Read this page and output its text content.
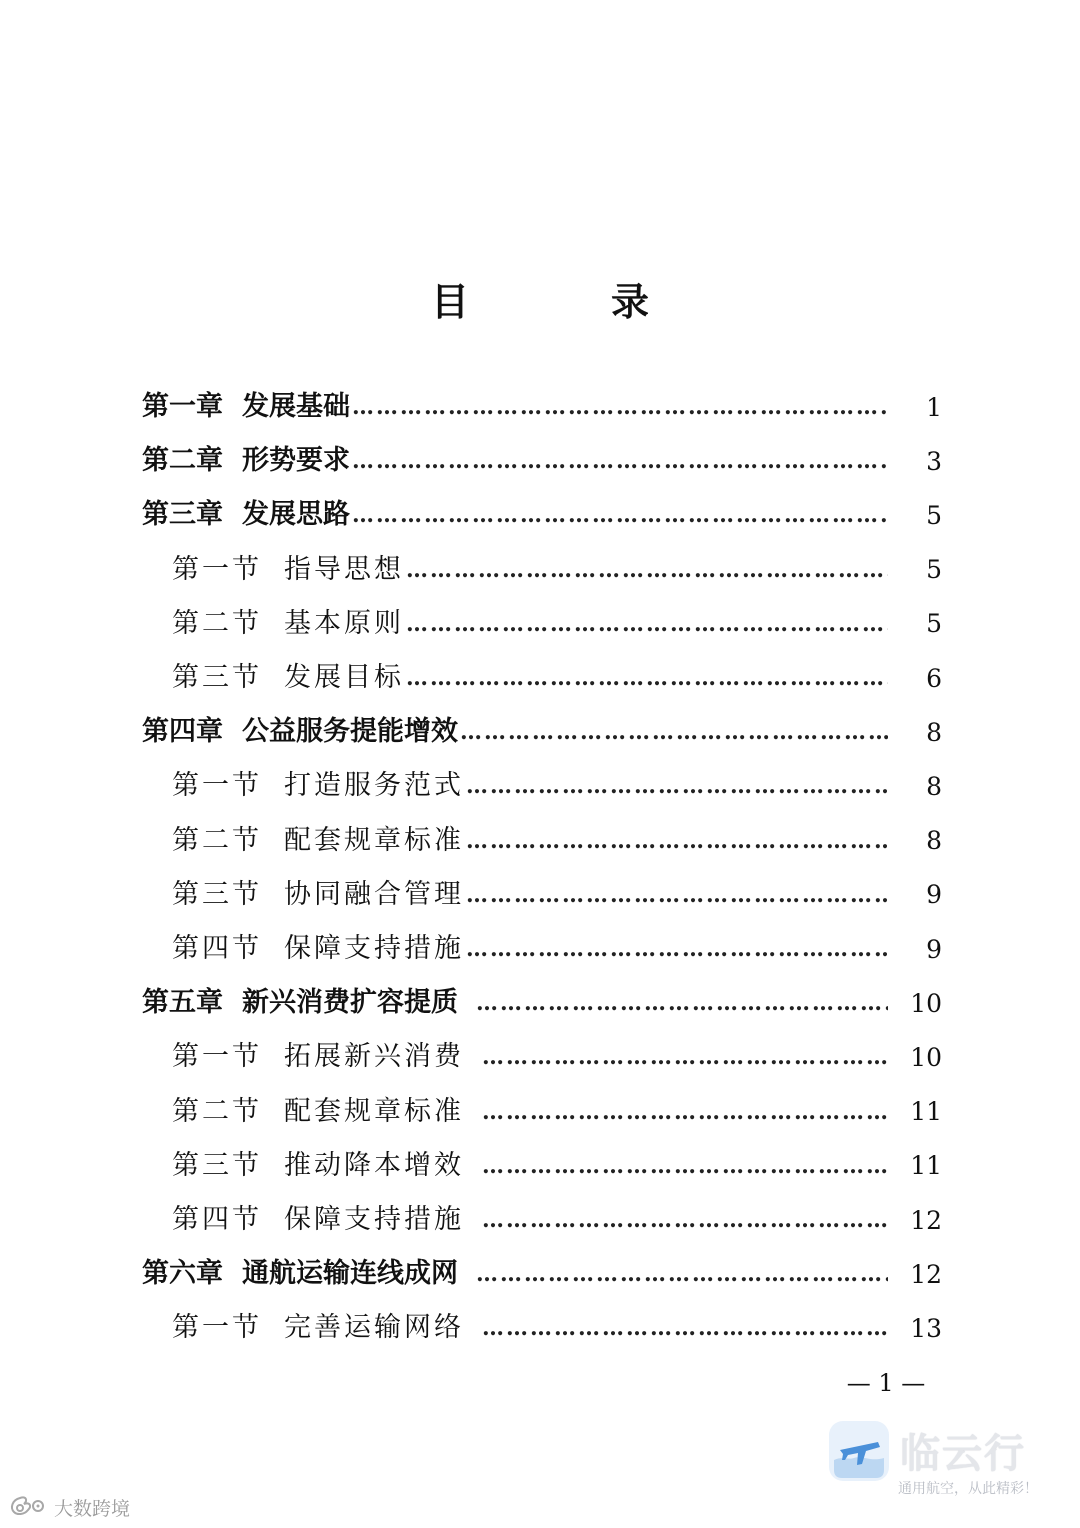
目　录
第一章 发展基础 ……………………………………………………………………………………………………………………………………………………………………	1
第二章 形势要求 ……………………………………………………………………………………………………………………………………………………………………	3
第三章 发展思路 ……………………………………………………………………………………………………………………………………………………………………	5
第一节 指导思想 ……………………………………………………………………………………………………………………………………………………………………	5
第二节 基本原则 ……………………………………………………………………………………………………………………………………………………………………	5
第三节 发展目标 ……………………………………………………………………………………………………………………………………………………………………	6
第四章 公益服务提能增效 ……………………………………………………………………………………………………………………………………………………………………	8
第一节 打造服务范式 ……………………………………………………………………………………………………………………………………………………………………	8
第二节 配套规章标准 ……………………………………………………………………………………………………………………………………………………………………	8
第三节 协同融合管理 ……………………………………………………………………………………………………………………………………………………………………	9
第四节 保障支持措施 ……………………………………………………………………………………………………………………………………………………………………	9
第五章 新兴消费扩容提质 ……………………………………………………………………………………………………………………………………………………………………	10
第一节 拓展新兴消费 ……………………………………………………………………………………………………………………………………………………………………	10
第二节 配套规章标准 ……………………………………………………………………………………………………………………………………………………………………	11
第三节 推动降本增效 ……………………………………………………………………………………………………………………………………………………………………	11
第四节 保障支持措施 ……………………………………………………………………………………………………………………………………………………………………	12
第六章 通航运输连线成网 ……………………………………………………………………………………………………………………………………………………………………	12
第一节 完善运输网络 ……………………………………………………………………………………………………………………………………………………………………	13
— 1 —
大数跨境
临云行
通用航空，从此精彩！
